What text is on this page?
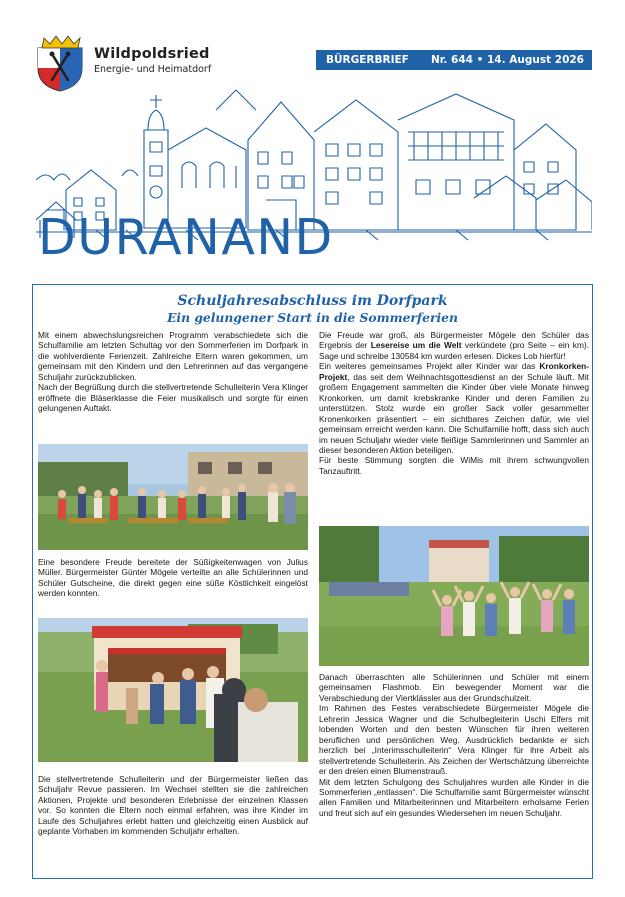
Wildpoldsried
Energie- und Heimatdorf
BÜRGERBRIEF Nr. 644 • 14. August 2026
DURANAND
Schuljahresabschluss im Dorfpark
Ein gelungener Start in die Sommerferien

Mit einem abwechslungsreichen Programm verabschiedete sich die Schulfamilie am letzten Schultag vor den Sommerferien im Dorfpark in die wohlverdiente Ferienzeit. Zahlreiche Eltern waren gekommen, um gemeinsam mit den Kindern und den Lehrerinnen auf das vergangene Schuljahr zurückzublicken.

Nach der Begrüßung durch die stellvertretende Schulleiterin Vera Klinger eröffnete die Bläserklasse die Feier musikalisch und sorgte für einen gelungenen Auftakt.

Eine besondere Freude bereitete der Süßigkeitenwagen von Julius Müller. Bürgermeister Günter Mögele verteilte an alle Schülerinnen und Schüler Gutscheine, die direkt gegen eine süße Köstlichkeit eingelöst werden konnten.

Die stellvertretende Schulleiterin und der Bürgermeister ließen das Schuljahr Revue passieren. Im Wechsel stellten sie die zahlreichen Aktionen, Projekte und besonderen Erlebnisse der einzelnen Klassen vor. So konnten die Eltern noch einmal erfahren, was ihre Kinder im Laufe des Schuljahres erlebt hatten und gleichzeitig einen Ausblick auf geplante Vorhaben im kommenden Schuljahr erhalten.

Die Freude war groß, als Bürgermeister Mögele den Schüler das Ergebnis der Lesereise um die Welt verkündete (pro Seite – ein km). Sage und schreibe 130584 km wurden erlesen. Dickes Lob hierfür!

Ein weiteres gemeinsames Projekt aller Kinder war das Kronkorken-Projekt, das seit dem Weihnachtsgottesdienst an der Schule läuft. Mit großem Engagement sammelten die Kinder über viele Monate hinweg Kronkorken, um damit krebskranke Kinder und deren Familien zu unterstützen. Stolz wurde ein großer Sack voller gesammelter Kronenkorken präsentiert – ein sichtbares Zeichen dafür, wie viel gemeinsam erreicht werden kann. Die Schulfamilie hofft, dass sich auch im neuen Schuljahr wieder viele fleißige Sammlerinnen und Sammler an dieser besonderen Aktion beteiligen.

Für beste Stimmung sorgten die WiMis mit ihrem schwungvollen Tanzauftritt.

Danach überraschten alle Schülerinnen und Schüler mit einem gemeinsamen Flashmob. Ein bewegender Moment war die Verabschiedung der Viertklässler aus der Grundschulzeit.

Im Rahmen des Festes verabschiedete Bürgermeister Mögele die Lehrerin Jessica Wagner und die Schulbegleiterin Uschi Elfers mit lobenden Worten und den besten Wünschen für ihren weiteren beruflichen und persönlichen Weg. Ausdrücklich bedankte er sich herzlich bei „Interimsschulleiterin“ Vera Klinger für ihre Arbeit als stellvertretende Schulleiterin. Als Zeichen der Wertschätzung überreichte er den dreien einen Blumenstrauß.

Mit dem letzten Schulgong des Schuljahres wurden alle Kinder in die Sommerferien „entlassen“. Die Schulfamilie samt Bürgermeister wünscht allen Familien und Mitarbeiterinnen und Mitarbeitern erholsame Ferien und freut sich auf ein gesundes Wiedersehen im neuen Schuljahr.
